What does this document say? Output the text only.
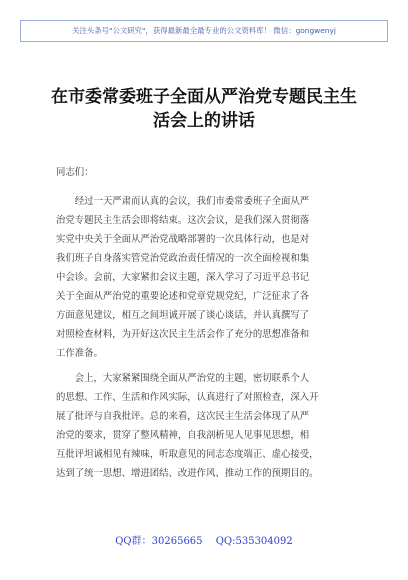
关注头条号"公文研究"，获得最新最全最专业的公文资料库！ 微信：gongwenyj
在市委常委班子全面从严治党专题民主生
活会上的讲话

同志们：

　　经过一天严肃而认真的会议，我们市委常委班子全面从严
治党专题民主生活会即将结束。这次会议，是我们深入贯彻落
实党中央关于全面从严治党战略部署的一次具体行动，也是对
我们班子自身落实管党治党政治责任情况的一次全面检视和集
中会诊。会前，大家紧扣会议主题，深入学习了习近平总书记
关于全面从严治党的重要论述和党章党规党纪，广泛征求了各
方面意见建议，相互之间坦诚开展了谈心谈话，并认真撰写了
对照检查材料，为开好这次民主生活会作了充分的思想准备和
工作准备。

　　会上，大家紧紧围绕全面从严治党的主题，密切联系个人
的思想、工作、生活和作风实际，认真进行了对照检查，深入开
展了批评与自我批评。总的来看，这次民主生活会体现了从严
治党的要求，贯穿了整风精神，自我剖析见人见事见思想，相
互批评坦诚相见有辣味，听取意见的同志态度端正、虚心接受，
达到了统一思想、增进团结、改进作风、推动工作的预期目的。

QQ群：30265665 QQ:535304092
